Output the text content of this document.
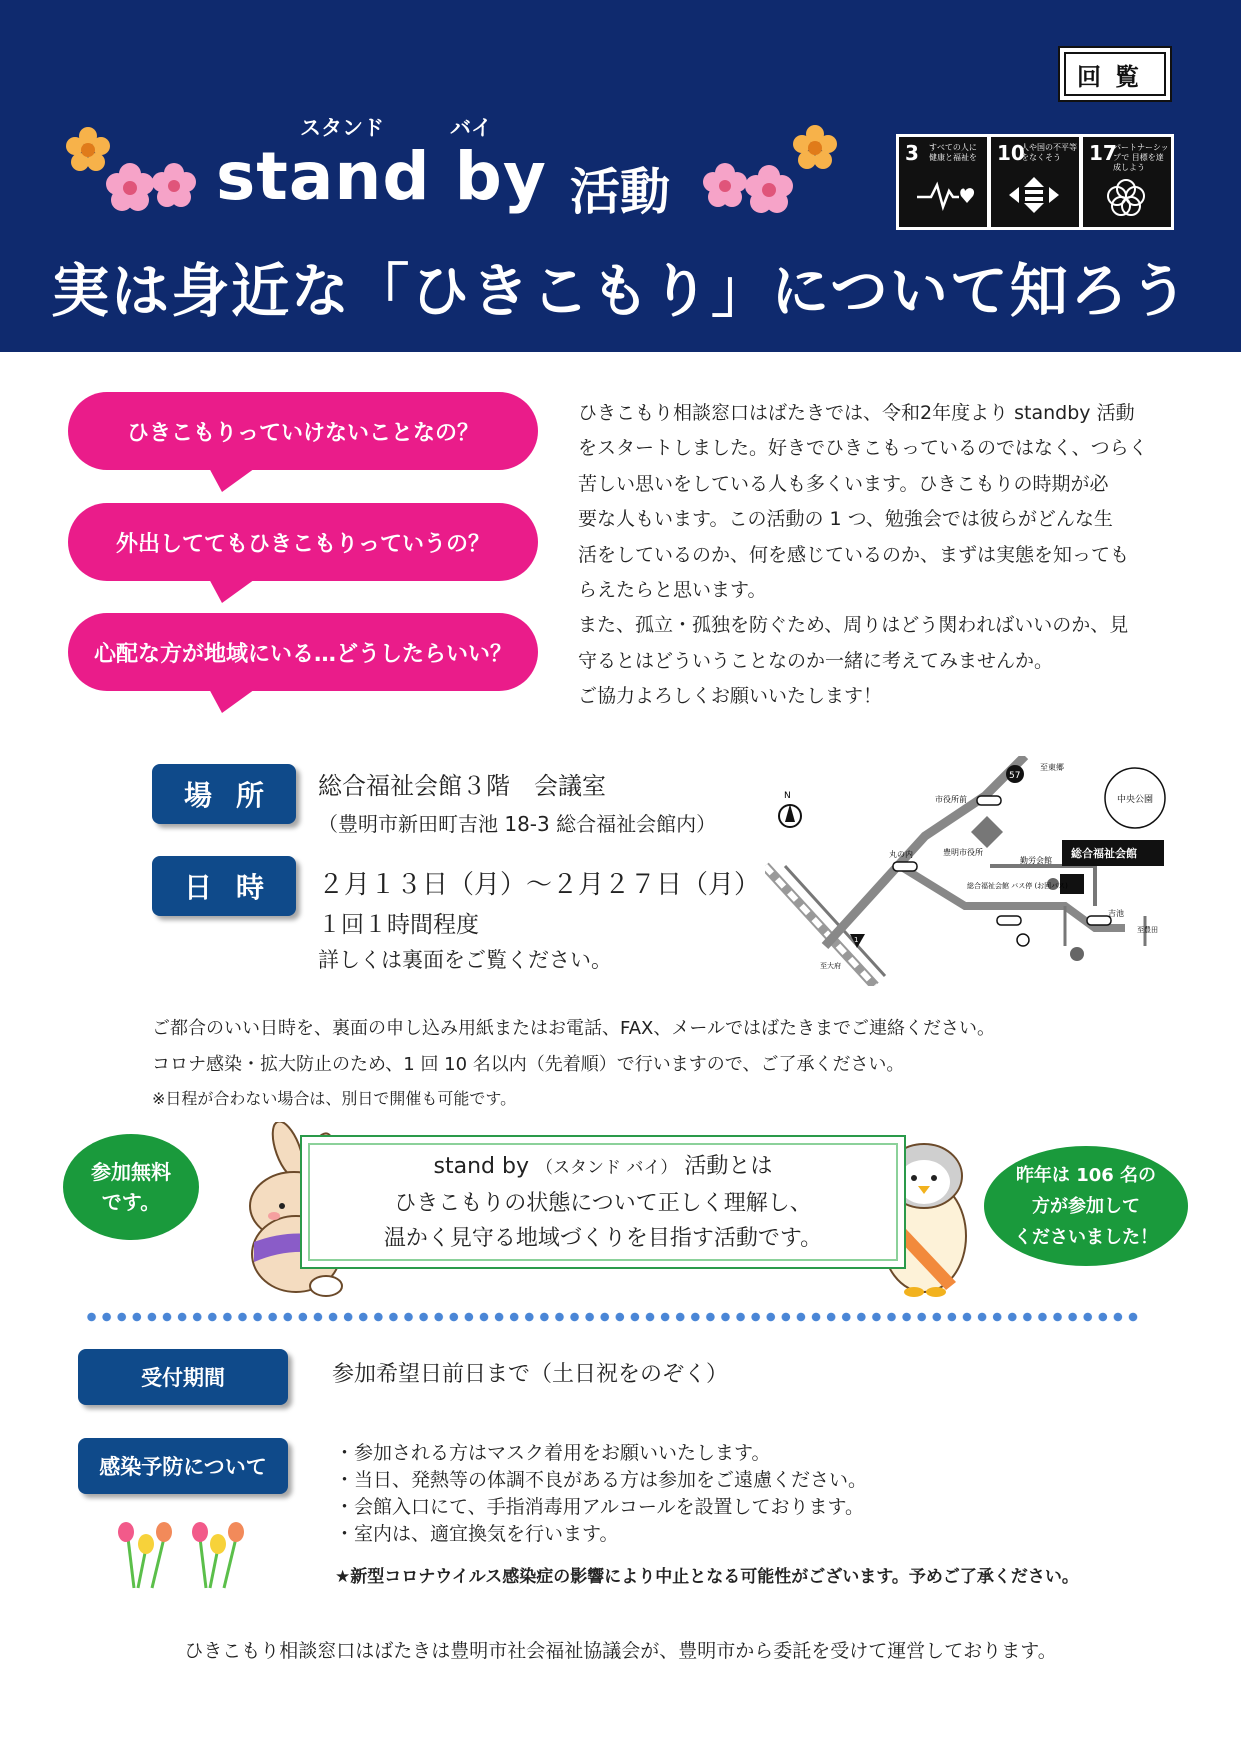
回覧
スタンド	バイ
stand by 活動
実は身近な「ひきこもり」について知ろう
3 すべての人に 健康と福祉を	10
人や国の不平等 をなくそう	17
パートナーシップで 目標を達成しよう
ひきこもりっていけないことなの？
外出しててもひきこもりっていうの？
心配な方が地域にいる…どうしたらいい？
ひきこもり相談窓口はばたきでは、令和2年度より standby 活動
をスタートしました。好きでひきこもっているのではなく、つらく
苦しい思いをしている人も多くいます。ひきこもりの時期が必
要な人もいます。この活動の 1 つ、勉強会では彼らがどんな生
活をしているのか、何を感じているのか、まずは実態を知っても
らえたらと思います。
また、孤立・孤独を防ぐため、周りはどう関わればいいのか、見
守るとはどういうことなのか一緒に考えてみませんか。
ご協力よろしくお願いいたします！
場所	総合福祉会館３階　会議室
（豊明市新田町吉池 18-3 総合福祉会館内）
日時	２月１３日（月）～２月２７日（月）
１回１時間程度
詳しくは裏面をご覧ください。
N
57
至東郷
中央公園
市役所前
豊明市役所
丸の内	総合福祉会館
勤労会館
総合福祉会館 バス停 (お回バス)
吉池
至豊田
1
至大府
ご都合のいい日時を、裏面の申し込み用紙またはお電話、FAX、メールではばたきまでご連絡ください。
コロナ感染・拡大防止のため、1 回 10 名以内（先着順）で行いますので、ご了承ください。
※日程が合わない場合は、別日で開催も可能です。
参加無料
です。
昨年は 106 名の
方が参加して
くださいました！
stand by （スタンド バイ） 活動とは
ひきこもりの状態について正しく理解し、
温かく見守る地域づくりを目指す活動です。
受付期間	参加希望日前日まで（土日祝をのぞく）
感染予防について
・参加される方はマスク着用をお願いいたします。
・当日、発熱等の体調不良がある方は参加をご遠慮ください。
・会館入口にて、手指消毒用アルコールを設置しております。
・室内は、適宜換気を行います。
★新型コロナウイルス感染症の影響により中止となる可能性がございます。予めご了承ください。
ひきこもり相談窓口はばたきは豊明市社会福祉協議会が、豊明市から委託を受けて運営しております。
